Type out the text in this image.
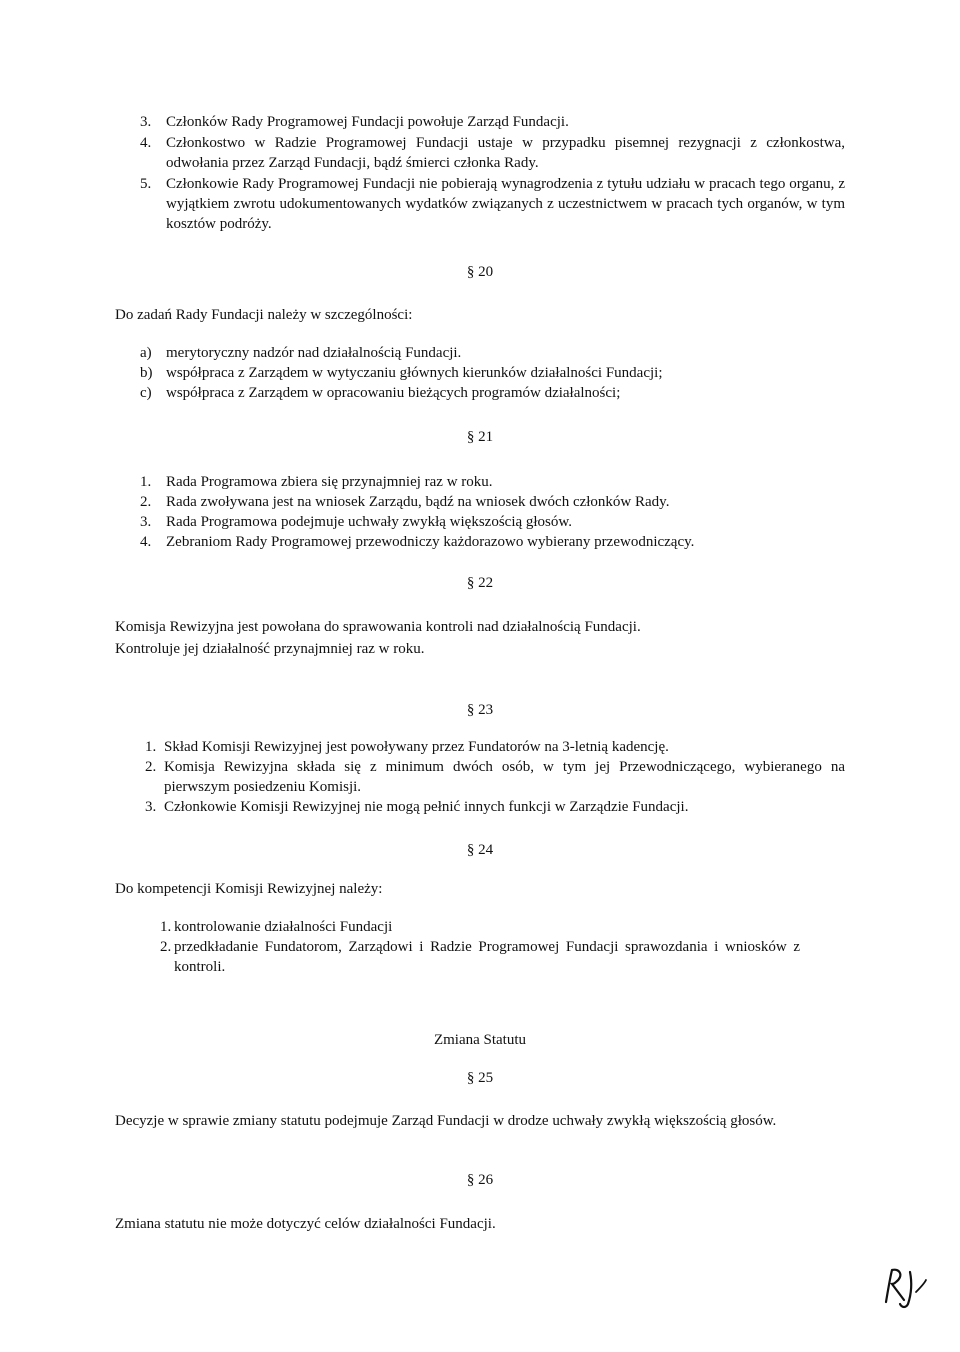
3. Członków Rady Programowej Fundacji powołuje Zarząd Fundacji.
4. Członkostwo w Radzie Programowej Fundacji ustaje w przypadku pisemnej rezygnacji z członkostwa, odwołania przez Zarząd Fundacji, bądź śmierci członka Rady.
5. Członkowie Rady Programowej Fundacji nie pobierają wynagrodzenia z tytułu udziału w pracach tego organu, z wyjątkiem zwrotu udokumentowanych wydatków związanych z uczestnictwem w pracach tych organów, w tym kosztów podróży.
§ 20
Do zadań Rady Fundacji należy w szczególności:
a) merytoryczny nadzór nad działalnością Fundacji.
b) współpraca z Zarządem w wytyczaniu głównych kierunków działalności Fundacji;
c) współpraca z Zarządem w opracowaniu bieżących programów działalności;
§ 21
1. Rada Programowa zbiera się przynajmniej raz w roku.
2. Rada zwoływana jest na wniosek Zarządu, bądź na wniosek dwóch członków Rady.
3. Rada Programowa podejmuje uchwały zwykłą większością głosów.
4. Zebraniom Rady Programowej przewodniczy każdorazowo wybierany przewodniczący.
§ 22
Komisja Rewizyjna jest powołana do sprawowania kontroli nad działalnością Fundacji.
Kontroluje jej działalność przynajmniej raz w roku.
§ 23
1. Skład Komisji Rewizyjnej jest powoływany przez Fundatorów na 3-letnią kadencję.
2. Komisja Rewizyjna składa się z minimum dwóch osób, w tym jej Przewodniczącego, wybieranego na pierwszym posiedzeniu Komisji.
3. Członkowie Komisji Rewizyjnej nie mogą pełnić innych funkcji w Zarządzie Fundacji.
§ 24
Do kompetencji Komisji Rewizyjnej należy:
1. kontrolowanie działalności Fundacji
2. przedkładanie Fundatorom, Zarządowi i Radzie Programowej Fundacji sprawozdania i wniosków z kontroli.
Zmiana Statutu
§ 25
Decyzje w sprawie zmiany statutu podejmuje Zarząd Fundacji w drodze uchwały zwykłą większością głosów.
§ 26
Zmiana statutu nie może dotyczyć celów działalności Fundacji.
